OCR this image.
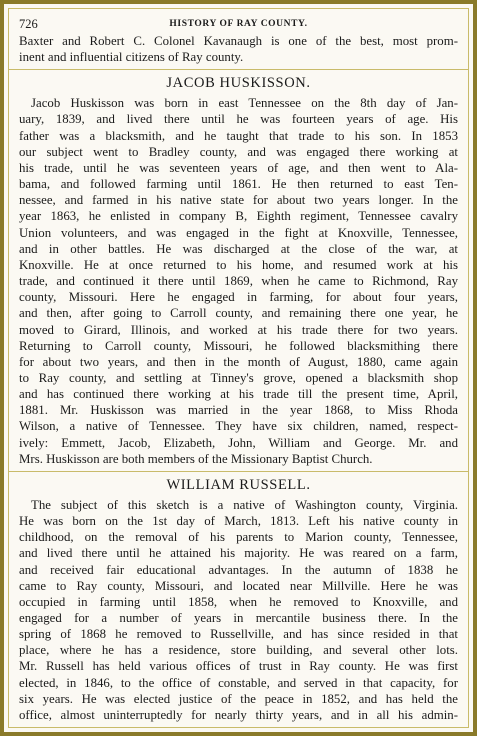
726	HISTORY OF RAY COUNTY.
Baxter and Robert C. Colonel Kavanaugh is one of the best, most prom-
inent and influential citizens of Ray county.
JACOB HUSKISSON.
Jacob Huskisson was born in east Tennessee on the 8th day of Jan-
uary, 1839, and lived there until he was fourteen years of age. His
father was a blacksmith, and he taught that trade to his son. In 1853
our subject went to Bradley county, and was engaged there working at
his trade, until he was seventeen years of age, and then went to Ala-
bama, and followed farming until 1861. He then returned to east Ten-
nessee, and farmed in his native state for about two years longer. In the
year 1863, he enlisted in company B, Eighth regiment, Tennessee cavalry
Union volunteers, and was engaged in the fight at Knoxville, Tennessee,
and in other battles. He was discharged at the close of the war, at
Knoxville. He at once returned to his home, and resumed work at his
trade, and continued it there until 1869, when he came to Richmond, Ray
county, Missouri. Here he engaged in farming, for about four years,
and then, after going to Carroll county, and remaining there one year, he
moved to Girard, Illinois, and worked at his trade there for two years.
Returning to Carroll county, Missouri, he followed blacksmithing there
for about two years, and then in the month of August, 1880, came again
to Ray county, and settling at Tinney's grove, opened a blacksmith shop
and has continued there working at his trade till the present time, April,
1881. Mr. Huskisson was married in the year 1868, to Miss Rhoda
Wilson, a native of Tennessee. They have six children, named, respect-
ively: Emmett, Jacob, Elizabeth, John, William and George. Mr. and
Mrs. Huskisson are both members of the Missionary Baptist Church.
WILLIAM RUSSELL.
The subject of this sketch is a native of Washington county, Virginia.
He was born on the 1st day of March, 1813. Left his native county in
childhood, on the removal of his parents to Marion county, Tennessee,
and lived there until he attained his majority. He was reared on a farm,
and received fair educational advantages. In the autumn of 1838 he
came to Ray county, Missouri, and located near Millville. Here he was
occupied in farming until 1858, when he removed to Knoxville, and
engaged for a number of years in mercantile business there. In the
spring of 1868 he removed to Russellville, and has since resided in that
place, where he has a residence, store building, and several other lots.
Mr. Russell has held various offices of trust in Ray county. He was first
elected, in 1846, to the office of constable, and served in that capacity, for
six years. He was elected justice of the peace in 1852, and has held the
office, almost uninterruptedly for nearly thirty years, and in all his admin-
